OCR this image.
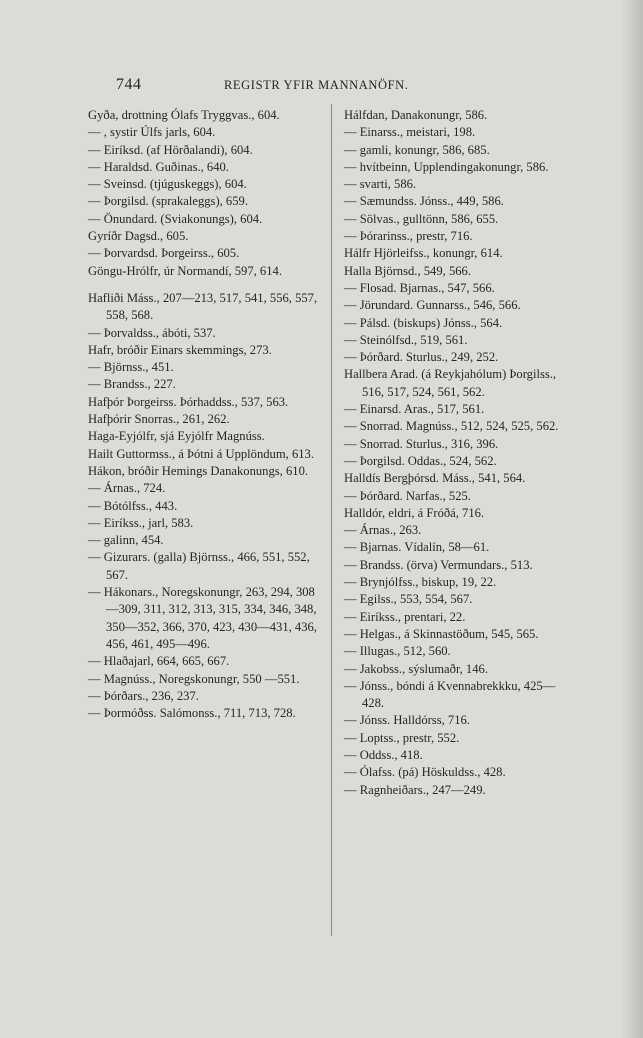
744	REGISTR YFIR MANNANÖFN.
Gyða, drottning Ólafs Tryggvas., 604.
— , systir Úlfs jarls, 604.
— Eiríksd. (af Hörðalandi), 604.
— Haraldsd. Guðinas., 640.
— Sveinsd. (tjúguskeggs), 604.
— Þorgilsd. (sprakaleggs), 659.
— Önundard. (Sviakonungs), 604.
Gyríðr Dagsd., 605.
— Þorvardsd. Þorgeirss., 605.
Göngu-Hrólfr, úr Normandí, 597, 614.
Hafliði Máss., 207—213, 517, 541, 556, 557, 558, 568.
— Þorvaldss., ábóti, 537.
Hafr, bróðir Einars skemmings, 273.
— Björnss., 451.
— Brandss., 227.
Hafþór Þorgeirss. Þórhaddss., 537, 563.
Hafþórir Snorras., 261, 262.
Haga-Eyjólfr, sjá Eyjólfr Magnúss.
Hailt Guttormss., á Þótni á Upplöndum, 613.
Hákon, bróðir Hemings Danakonungs, 610.
— Árnas., 724.
— Bótólfss., 443.
— Eiríkss., jarl, 583.
— galinn, 454.
— Gizurars. (galla) Björnss., 466, 551, 552, 567.
— Hákonars., Noregskonungr, 263, 294, 308—309, 311, 312, 313, 315, 334, 346, 348, 350—352, 366, 370, 423, 430—431, 436, 456, 461, 495—496.
— Hlaðajarl, 664, 665, 667.
— Magnúss., Noregskonungr, 550 —551.
— Þórðars., 236, 237.
— Þormóðss. Salómonss., 711, 713, 728.
Hálfdan, Danakonungr, 586.
— Einarss., meistari, 198.
— gamli, konungr, 586, 685.
— hvítbeinn, Upplendingakonungr, 586.
— svarti, 586.
— Sæmundss. Jónss., 449, 586.
— Sölvas., gulltönn, 586, 655.
— Þórarinss., prestr, 716.
Hálfr Hjörleifss., konungr, 614.
Halla Björnsd., 549, 566.
— Flosad. Bjarnas., 547, 566.
— Jörundard. Gunnarss., 546, 566.
— Pálsd. (biskups) Jónss., 564.
— Steinólfsd., 519, 561.
— Þórðard. Sturlus., 249, 252.
Hallbera Arad. (á Reykjahólum) Þorgilss., 516, 517, 524, 561, 562.
— Einarsd. Aras., 517, 561.
— Snorrad. Magnúss., 512, 524, 525, 562.
— Snorrad. Sturlus., 316, 396.
— Þorgilsd. Oddas., 524, 562.
Halldís Bergþórsd. Máss., 541, 564.
— Þórðard. Narfas., 525.
Halldór, eldri, á Fróðá, 716.
— Árnas., 263.
— Bjarnas. Vídalín, 58—61.
— Brandss. (örva) Vermundars., 513.
— Brynjólfss., biskup, 19, 22.
— Egilss., 553, 554, 567.
— Eiríkss., prentari, 22.
— Helgas., á Skinnastöðum, 545, 565.
— Illugas., 512, 560.
— Jakobss., sýslumaðr, 146.
— Jónss., bóndi á Kvennabrekkku, 425—428.
— Jónss. Halldórss, 716.
— Loptss., prestr, 552.
— Oddss., 418.
— Ólafss. (pá) Höskuldss., 428.
— Ragnheiðars., 247—249.
